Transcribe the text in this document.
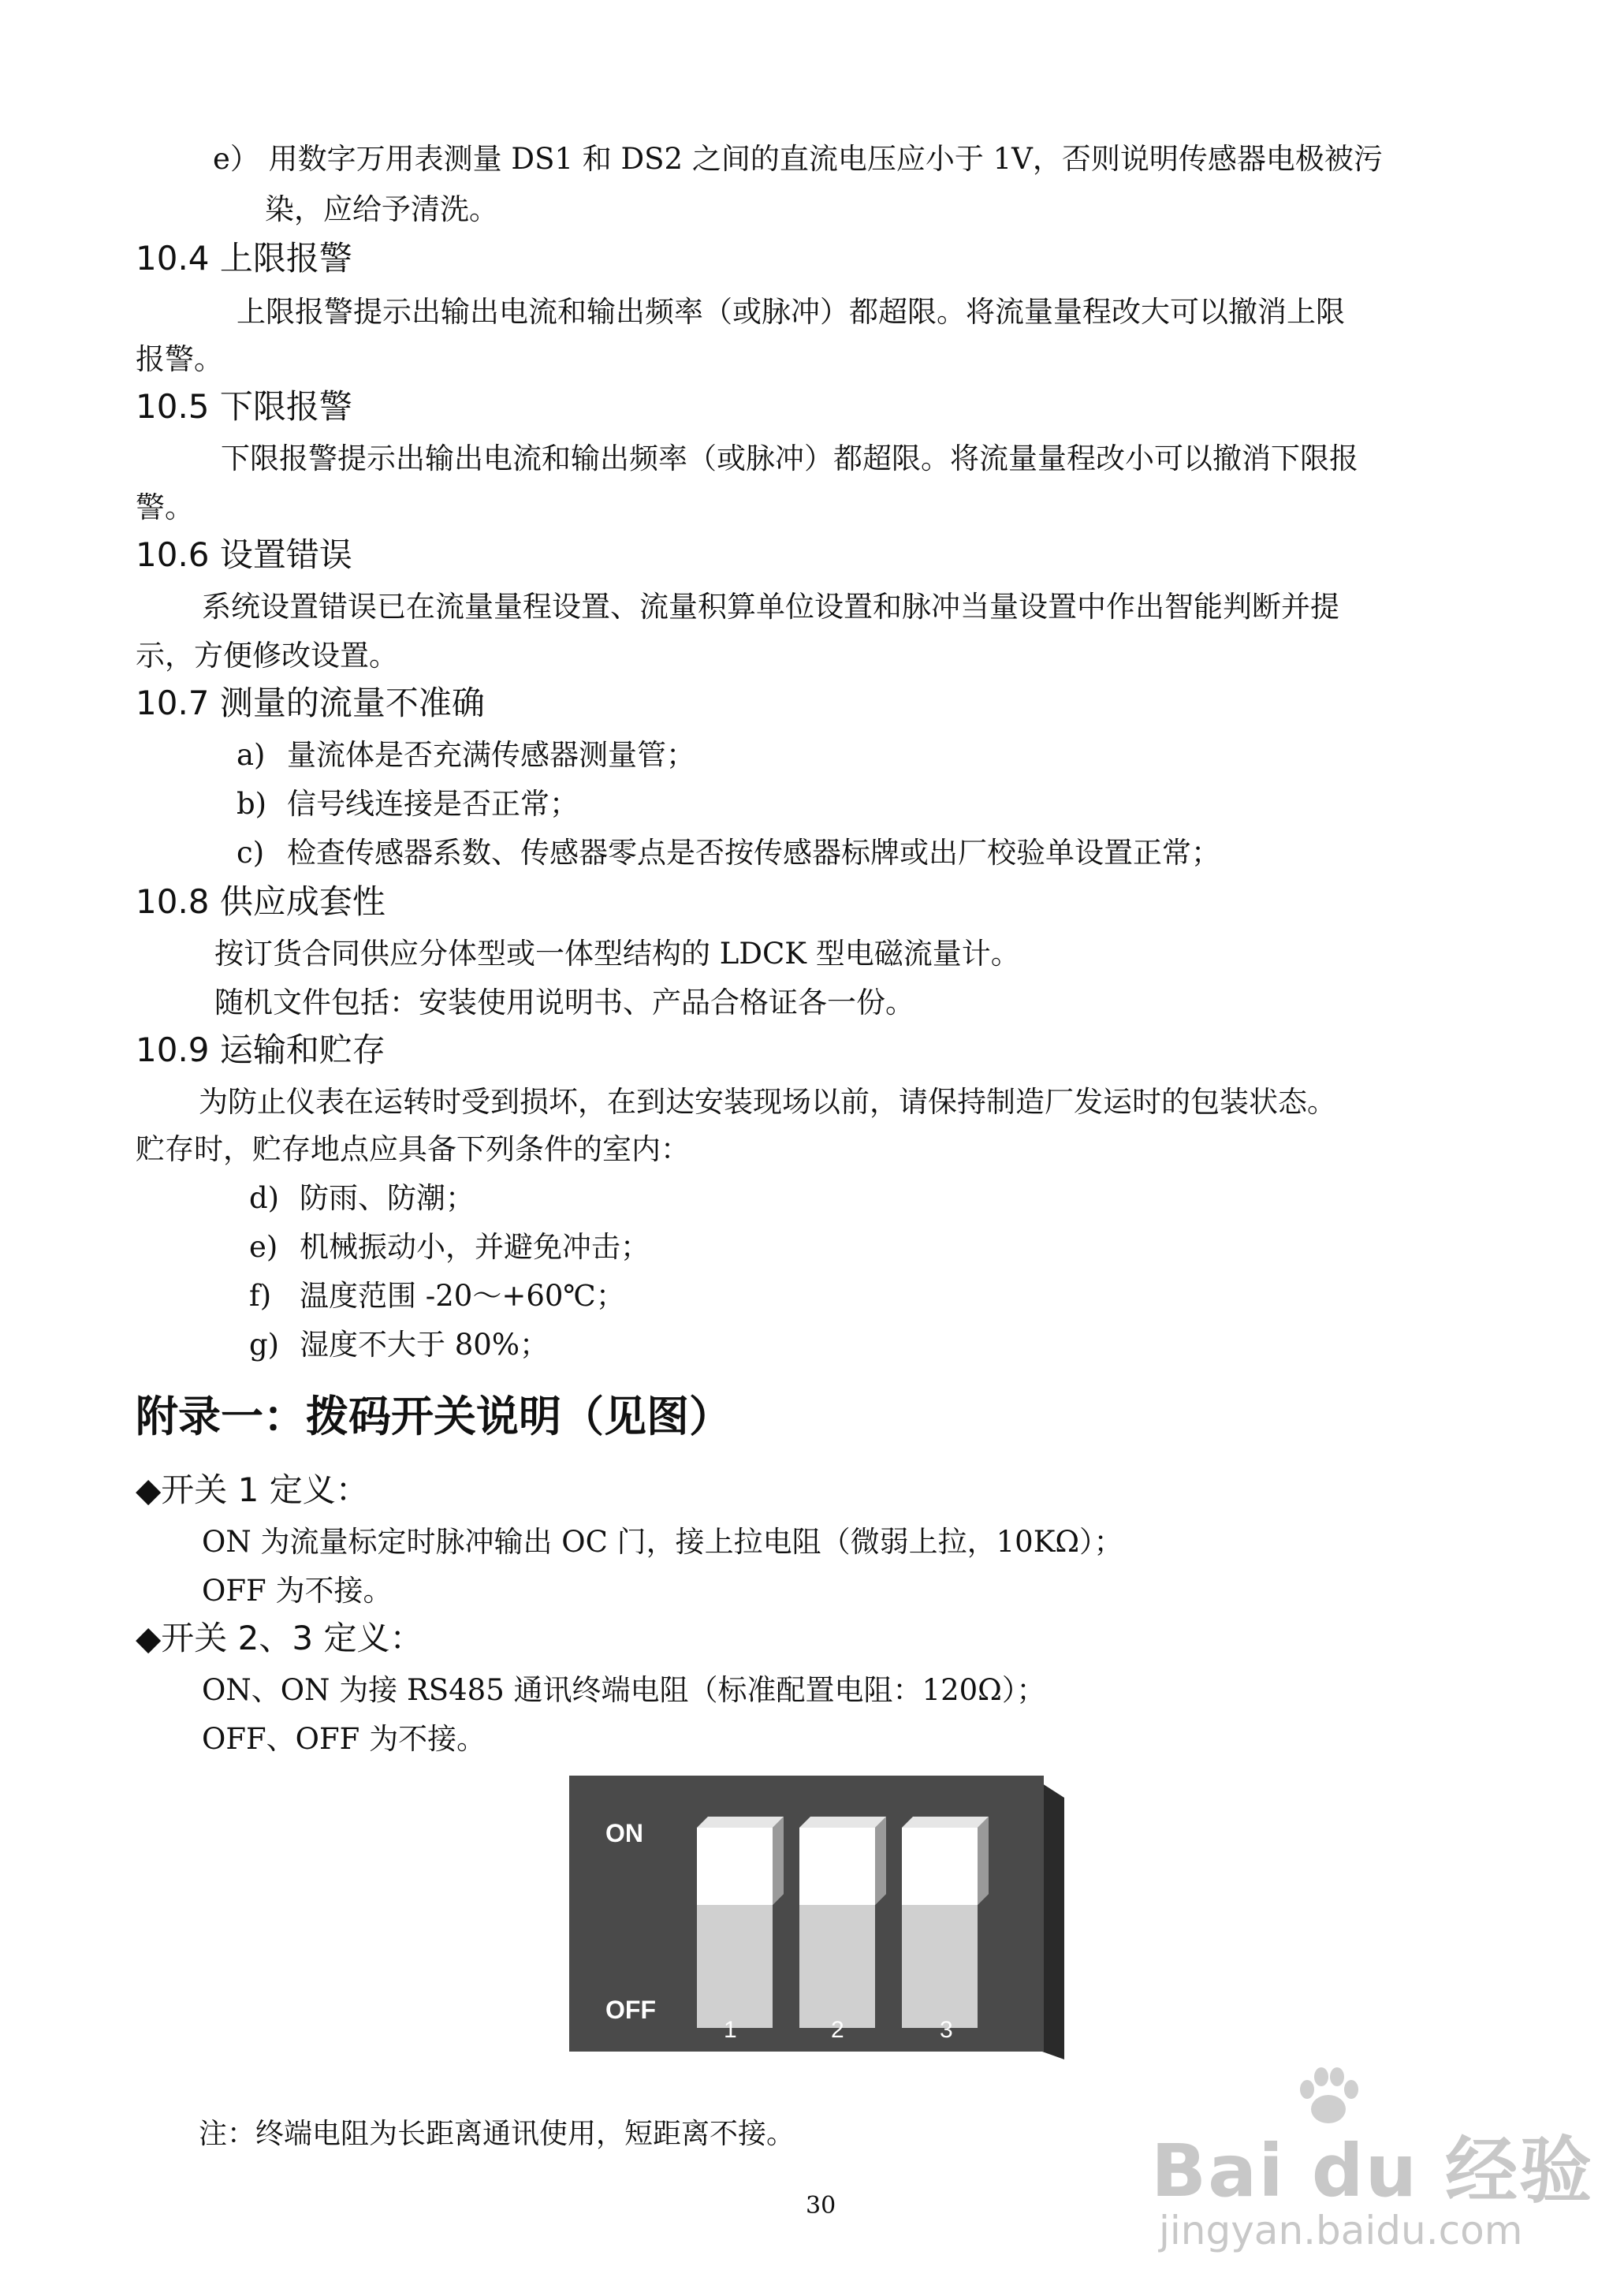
e） 用数字万用表测量 DS1 和 DS2 之间的直流电压应小于 1V，否则说明传感器电极被污
染，应给予清洗。
10.4 上限报警
上限报警提示出输出电流和输出频率（或脉冲）都超限。将流量量程改大可以撤消上限
报警。
10.5 下限报警
下限报警提示出输出电流和输出频率（或脉冲）都超限。将流量量程改小可以撤消下限报
警。
10.6 设置错误
系统设置错误已在流量量程设置、流量积算单位设置和脉冲当量设置中作出智能判断并提
示，方便修改设置。
10.7 测量的流量不准确
a) 量流体是否充满传感器测量管；
b) 信号线连接是否正常；
c) 检查传感器系数、传感器零点是否按传感器标牌或出厂校验单设置正常；
10.8 供应成套性
按订货合同供应分体型或一体型结构的 LDCK 型电磁流量计。
随机文件包括：安装使用说明书、产品合格证各一份。
10.9 运输和贮存
为防止仪表在运转时受到损坏，在到达安装现场以前，请保持制造厂发运时的包装状态。
贮存时，贮存地点应具备下列条件的室内：
d) 防雨、防潮；
e) 机械振动小，并避免冲击；
f) 温度范围 -20～+60℃；
g) 湿度不大于 80%；
附录一：拨码开关说明（见图）
◆开关 1 定义：
ON 为流量标定时脉冲输出 OC 门，接上拉电阻（微弱上拉，10KΩ）；
OFF 为不接。
◆开关 2、3 定义：
ON、ON 为接 RS485 通讯终端电阻（标准配置电阻：120Ω）；
OFF、OFF 为不接。
ON
OFF
1	2	3
注：终端电阻为长距离通讯使用，短距离不接。
30	Bai du 经验
jingyan.baidu.com
